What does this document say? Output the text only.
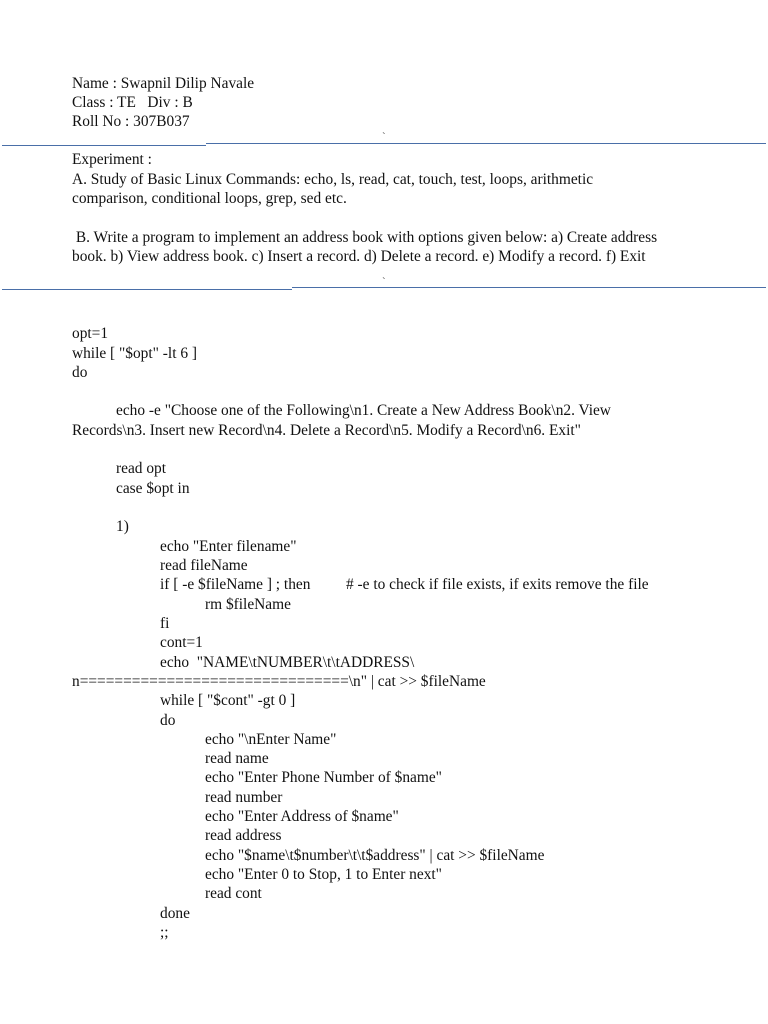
Name : Swapnil Dilip Navale
Class : TE   Div : B
Roll No : 307B037
`
Experiment :
A. Study of Basic Linux Commands: echo, ls, read, cat, touch, test, loops, arithmetic
comparison, conditional loops, grep, sed etc.
B. Write a program to implement an address book with options given below: a) Create address
book. b) View address book. c) Insert a record. d) Delete a record. e) Modify a record. f) Exit
`
opt=1
while [ "$opt" -lt 6 ]
do
echo -e "Choose one of the Following\n1. Create a New Address Book\n2. View
Records\n3. Insert new Record\n4. Delete a Record\n5. Modify a Record\n6. Exit"
read opt
case $opt in
1)
echo "Enter filename"
read fileName
if [ -e $fileName ] ; then # -e to check if file exists, if exits remove the file
rm $fileName
fi
cont=1
echo  "NAME\tNUMBER\t\tADDRESS\
n===============================\n" | cat >> $fileName
while [ "$cont" -gt 0 ]
do
echo "\nEnter Name"
read name
echo "Enter Phone Number of $name"
read number
echo "Enter Address of $name"
read address
echo "$name\t$number\t\t$address" | cat >> $fileName
echo "Enter 0 to Stop, 1 to Enter next"
read cont
done
;;
